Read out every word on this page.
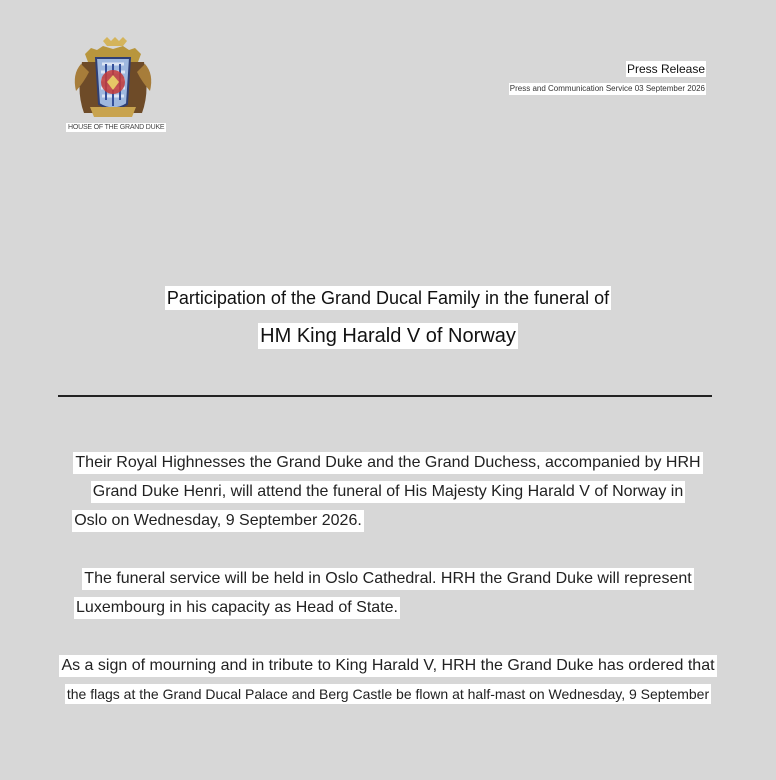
HOUSE OF THE GRAND DUKE
Press Release
Press and Communication Service 03 September 2026
Participation of the Grand Ducal Family in the funeral of
HM King Harald V of Norway
Their Royal Highnesses the Grand Duke and the Grand Duchess, accompanied by HRH
Grand Duke Henri, will attend the funeral of His Majesty King Harald V of Norway in
Oslo on Wednesday, 9 September 2026.
The funeral service will be held in Oslo Cathedral. HRH the Grand Duke will represent
Luxembourg in his capacity as Head of State.
As a sign of mourning and in tribute to King Harald V, HRH the Grand Duke has ordered that
the flags at the Grand Ducal Palace and Berg Castle be flown at half-mast on Wednesday, 9 September
